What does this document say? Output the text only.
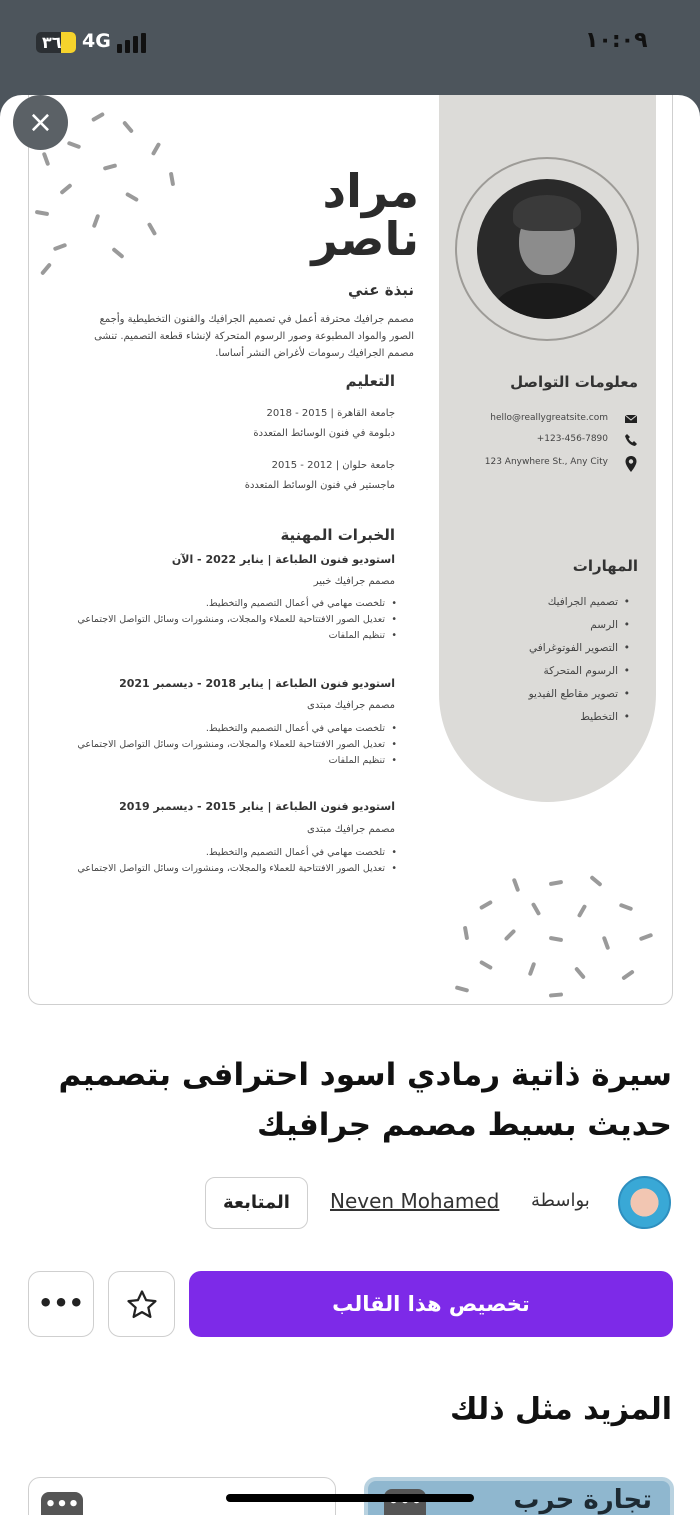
٣٦ 4G	١٠:٠٩
مراد
ناصر
نبذة عني
مصمم جرافيك محترفة أعمل في تصميم الجرافيك والفنون التخطيطية وأجمع الصور والمواد المطبوعة وصور الرسوم المتحركة لإنشاء قطعة التصميم. تنشى مصمم الجرافيك رسومات لأغراض النشر أساسا.
التعليم
جامعة القاهرة | 2015 - 2018
دبلومة في فنون الوسائط المتعددة
جامعة حلوان | 2012 - 2015
ماجستير في فنون الوسائط المتعددة
الخبرات المهنية
استوديو فنون الطباعة | يناير 2022 - الآن
مصمم جرافيك خبير
• تلخصت مهامي في أعمال التصميم والتخطيط.
• تعديل الصور الافتتاحية للعملاء والمجلات، ومنشورات وسائل التواصل الاجتماعي
• تنظيم الملفات
استوديو فنون الطباعة | يناير 2018 - ديسمبر 2021
مصمم جرافيك مبتدى
• تلخصت مهامي في أعمال التصميم والتخطيط.
• تعديل الصور الافتتاحية للعملاء والمجلات، ومنشورات وسائل التواصل الاجتماعي
• تنظيم الملفات
استوديو فنون الطباعة | يناير 2015 - ديسمبر 2019
مصمم جرافيك مبتدى
• تلخصت مهامي في أعمال التصميم والتخطيط.
• تعديل الصور الافتتاحية للعملاء والمجلات، ومنشورات وسائل التواصل الاجتماعي
معلومات التواصل
hello@reallygreatsite.com
+123-456-7890
123 Anywhere St., Any City
المهارات
• تصميم الجرافيك
• الرسم
• التصوير الفوتوغرافي
• الرسوم المتحركة
• تصوير مقاطع الفيديو
• التخطيط
×
سيرة ذاتية رمادي اسود احترافى بتصميم
حديث بسيط مصمم جرافيك
المتابعة	Neven Mohamed بواسطة
•••	تخصيص هذا القالب
المزيد مثل ذلك
•••	تجارة حرب
